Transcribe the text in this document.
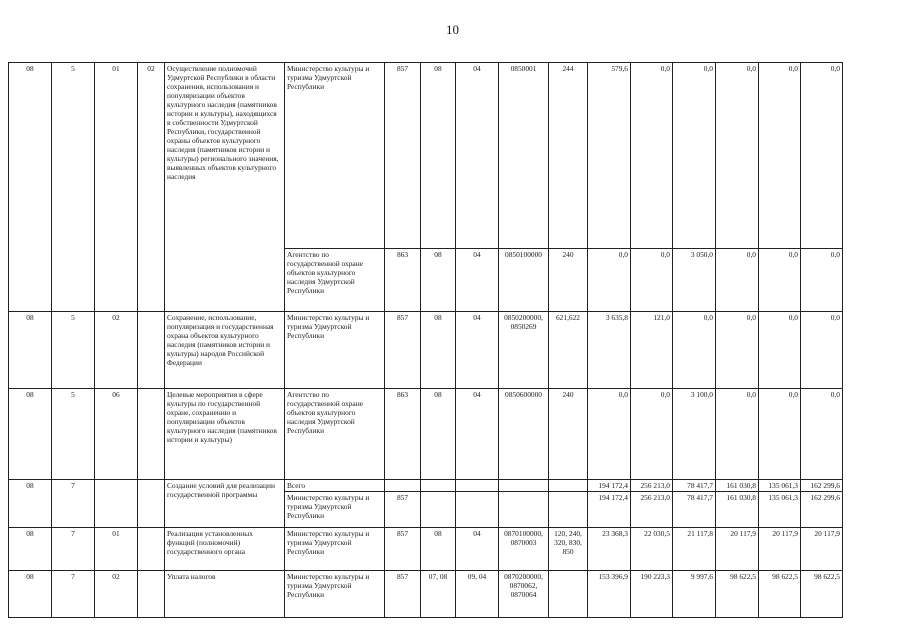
10
08	5	01	02	Осуществление полномочий Удмуртской Республики в области сохранения, использования и популяризации объектов культурного наследия (памятников истории и культуры), находящихся в собственности Удмуртской Республики, государственной охраны объектов культурного наследия (памятников истории и культуры) регионального значения, выявленных объектов культурного наследия	Министерство культуры и туризма Удмуртской Республики	857	08	04	0850001	244	579,6	0,0	0,0	0,0	0,0	0,0
					Агентство по государственной охране объектов культурного наследия Удмуртской Республики	863	08	04	0850100000	240	0,0	0,0	3 050,0	0,0	0,0	0,0
08	5	02		Сохранение, использование, популяризация и государственная охрана объектов культурного наследия (памятников истории и культуры) народов Российской Федерации	Министерство культуры и туризма Удмуртской Республики	857	08	04	0850200000, 0850269	621,622	3 635,8	121,0	0,0	0,0	0,0	0,0
08	5	06		Целевые мероприятия в сфере культуры по государственной охране, сохранению и популяризации объектов культурного наследия (памятников истории и культуры)	Агентство по государственной охране объектов культурного наследия Удмуртской Республики	863	08	04	0850600000	240	0,0	0,0	3 100,0	0,0	0,0	0,0
08	7			Создание условий для реализации государственной программы	Всего						194 172,4	256 213,0	78 417,7	161 030,8	135 061,3	162 299,6
					Министерство культуры и туризма Удмуртской Республики	857					194 172,4	256 213,0	78 417,7	161 030,8	135 061,3	162 299,6
08	7	01		Реализация установленных функций (полномочий) государственного органа	Министерство культуры и туризма Удмуртской Республики	857	08	04	0870100000, 0870003	120, 240, 320, 830, 850	23 368,3	22 030,5	21 117,8	20 117,9	20 117,9	20 117,9
08	7	02		Уплата налогов	Министерство культуры и туризма Удмуртской Республики	857	07, 08	09, 04	0870200000, 0870062, 0870064		153 396,9	190 223,3	9 997,6	98 622,5	98 622,5	98 622,5
